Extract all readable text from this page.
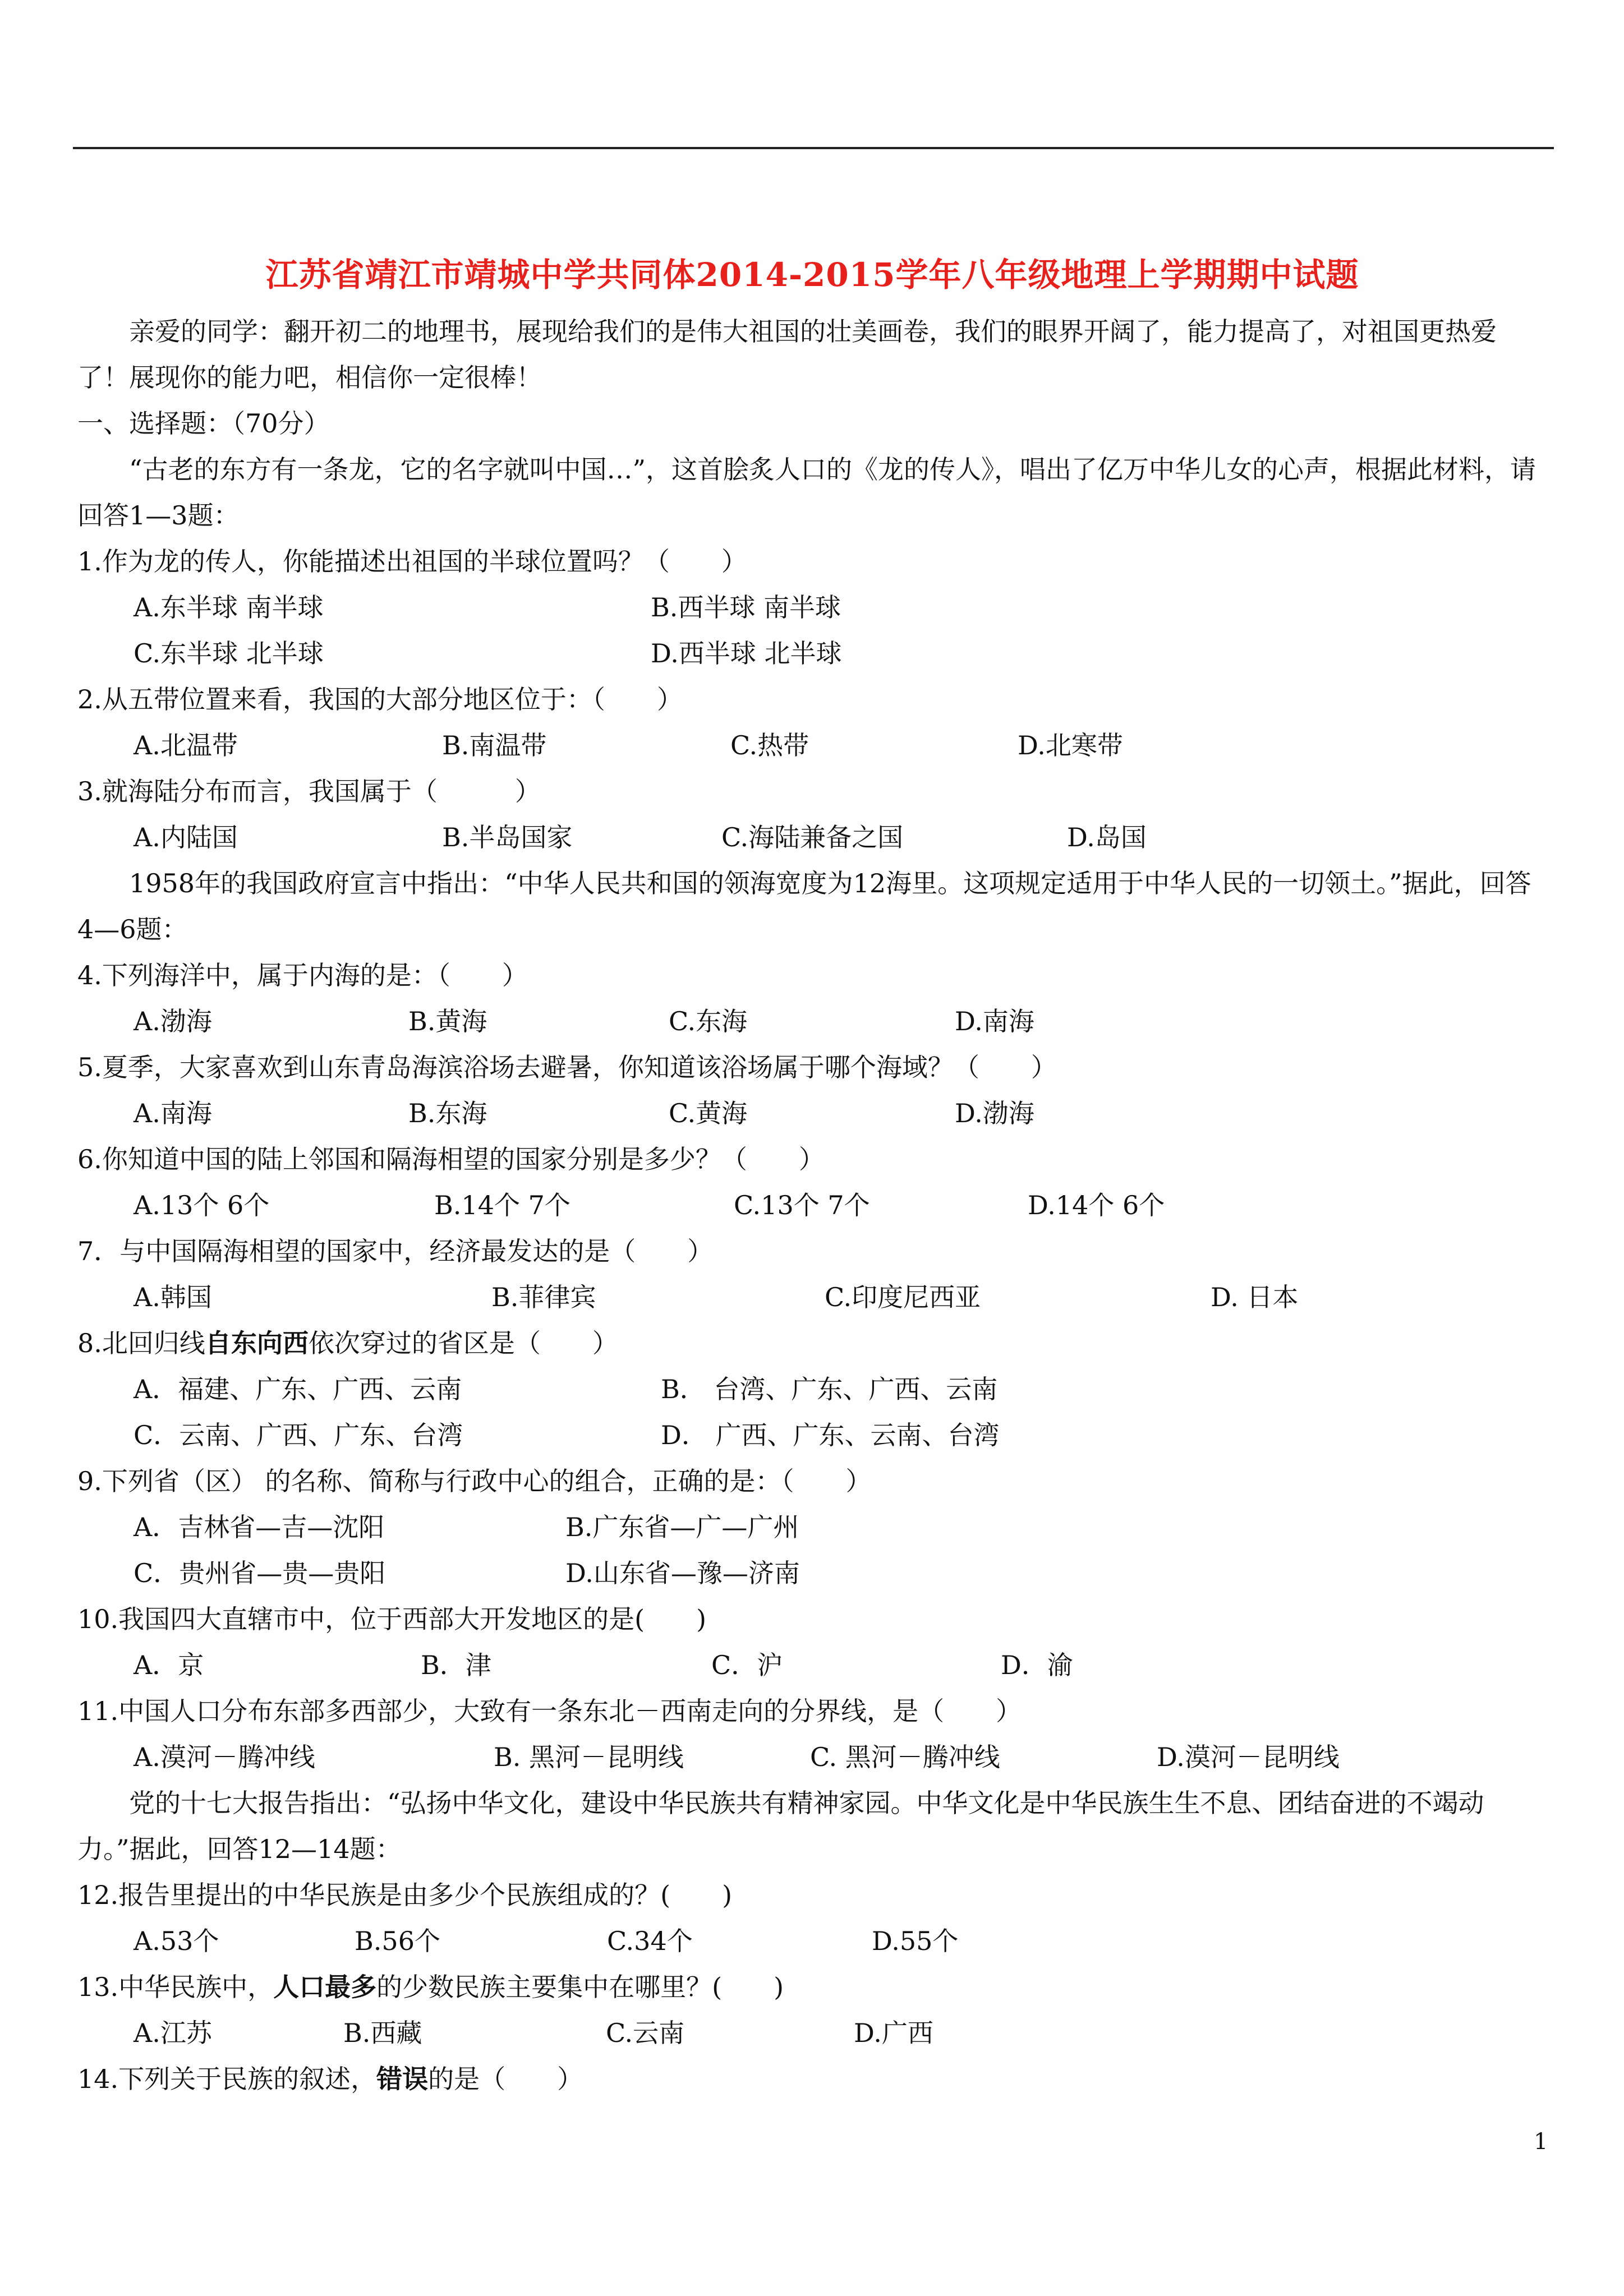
江苏省靖江市靖城中学共同体2014-2015学年八年级地理上学期期中试题

亲爱的同学：翻开初二的地理书，展现给我们的是伟大祖国的壮美画卷，我们的眼界开阔了，能力提高了，对祖国更热爱了！展现你的能力吧，相信你一定很棒！

一、选择题：（70分）

“古老的东方有一条龙，它的名字就叫中国…”，这首脍炙人口的《龙的传人》，唱出了亿万中华儿女的心声，根据此材料，请回答1—3题：

1.作为龙的传人，你能描述出祖国的半球位置吗？（　　）

A.东半球 南半球	B.西半球 南半球
C.东半球 北半球	D.西半球 北半球

2.从五带位置来看，我国的大部分地区位于：（　　）

A.北温带	B.南温带	C.热带	D.北寒带

3.就海陆分布而言，我国属于（　　　）

A.内陆国	B.半岛国家	C.海陆兼备之国	D.岛国

1958年的我国政府宣言中指出：“中华人民共和国的领海宽度为12海里。这项规定适用于中华人民的一切领土。”据此，回答4—6题：

4.下列海洋中，属于内海的是：（　　）

A.渤海	B.黄海	C.东海	D.南海

5.夏季，大家喜欢到山东青岛海滨浴场去避暑，你知道该浴场属于哪个海域？（　　）

A.南海	B.东海	C.黄海	D.渤海

6.你知道中国的陆上邻国和隔海相望的国家分别是多少？（　　）

A.13个 6个	B.14个 7个	C.13个 7个	D.14个 6个

7．与中国隔海相望的国家中，经济最发达的是（　　）

A.韩国	B.菲律宾	C.印度尼西亚	D. 日本

8.北回归线自东向西依次穿过的省区是（　　）

A．福建、广东、广西、云南	B． 台湾、广东、广西、云南
C．云南、广西、广东、台湾	D． 广西、广东、云南、台湾

9.下列省（区） 的名称、简称与行政中心的组合，正确的是：（　　）

A．吉林省—吉—沈阳	B.广东省—广—广州
C．贵州省—贵—贵阳	D.山东省—豫—济南

10.我国四大直辖市中，位于西部大开发地区的是(　　)

A．京	B．津	C．沪	D．渝

11.中国人口分布东部多西部少，大致有一条东北－西南走向的分界线，是（　　）

A.漠河－腾冲线	B. 黑河－昆明线	C. 黑河－腾冲线	D.漠河－昆明线

党的十七大报告指出：“弘扬中华文化，建设中华民族共有精神家园。中华文化是中华民族生生不息、团结奋进的不竭动力。”据此，回答12—14题：

12.报告里提出的中华民族是由多少个民族组成的？(　　)

A.53个	B.56个	C.34个	D.55个

13.中华民族中，人口最多的少数民族主要集中在哪里？(　　)

A.江苏	B.西藏	C.云南	D.广西

14.下列关于民族的叙述，错误的是（　　）

1
